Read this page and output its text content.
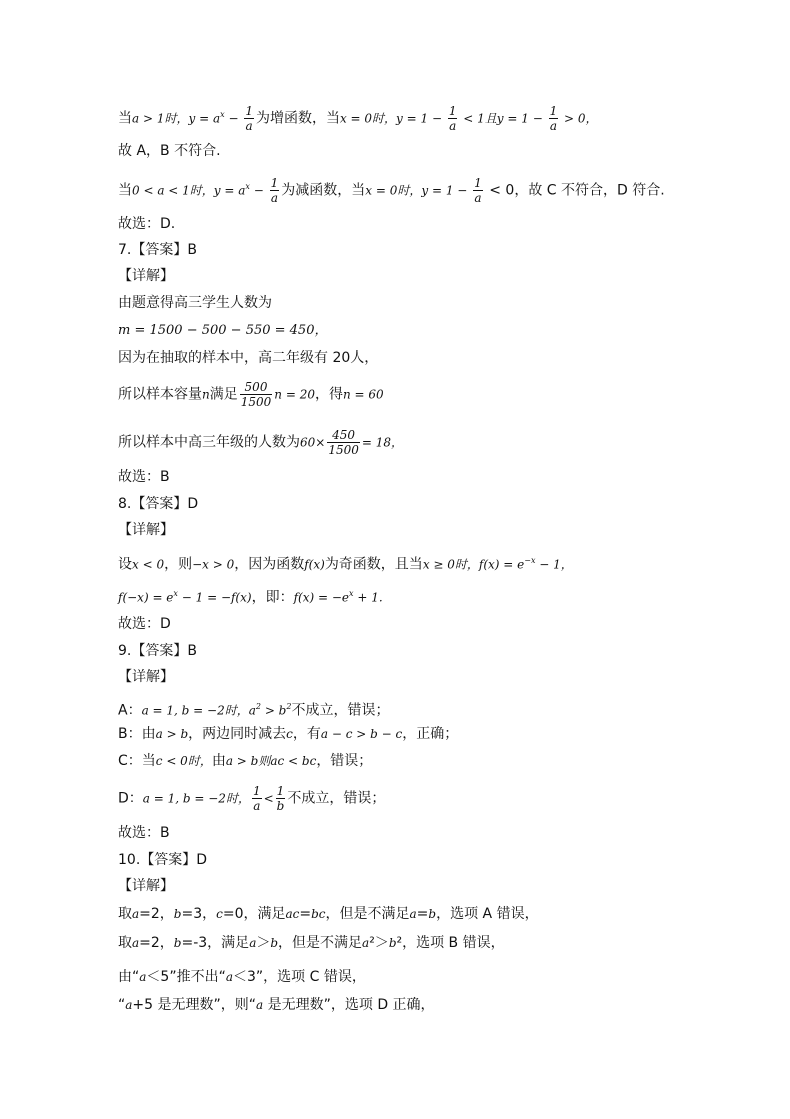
当a > 1时，$y = a^x - \frac{1}{a}$ 为增函数，当x = 0时，$y = 1 - \frac{1}{a} < 1$且$y = 1 - \frac{1}{a} > 0$，
故 A，B 不符合.
当0 < a < 1时，$y = a^x - \frac{1}{a}$ 为减函数，当x = 0时，$y = 1 - \frac{1}{a} < 0$，故 C 不符合，D 符合.
故选：D.
7.【答案】B
【详解】
由题意得高三学生人数为
m = 1500 − 500 − 550 = 450，
因为在抽取的样本中，高二年级有 20人，
所以样本容量n满足 $\frac{500}{1500}$ n = 20，得n = 60
所以样本中高三年级的人数为$60\times \frac{450}{1500} = 18$，
故选：B
8.【答案】D
【详解】
设x < 0，则−x > 0，因为函数f(x)为奇函数，且当x ≥ 0时，$f(x) = e^{-x} - 1$，
$f(-x) = e^x - 1 = -f(x)$，即：$f(x) = -e^x + 1$.
故选：D
9.【答案】B
【详解】
A：a = 1, b = −2时，$a^2 > b^2$不成立，错误；
B：由a > b，两边同时减去c，有a − c > b − c，正确；
C：当c < 0时，由a > b则ac < bc，错误；
D：a = 1, b = −2时， $\frac{1}{a} < \frac{1}{b}$ 不成立，错误；
故选：B
10.【答案】D
【详解】
取a=2，b=3，c=0，满足ac=bc，但是不满足a=b，选项 A 错误，
取a=2，b=-3，满足a＞b，但是不满足a²＞b²，选项 B 错误，
由“a＜5”推不出“a＜3”，选项 C 错误，
“a+5 是无理数”，则“a 是无理数”，选项 D 正确，
